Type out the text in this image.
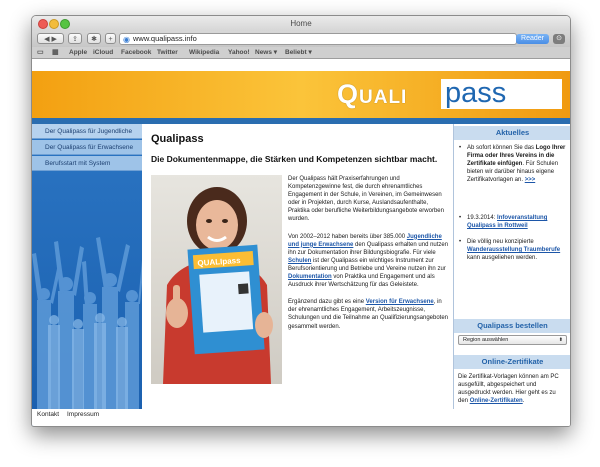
Home
◀ ▶	⇪	✱	+	◉ www.qualipass.info	Reader	⊙
▭ ▦ Apple iCloud Facebook Twitter Wikipedia Yahoo! News ▾ Beliebt ▾
Quali pass
Der Qualipass für Jugendliche
Der Qualipass für Erwachsene
Berufsstart mit System
Qualipass
Die Dokumentenmappe, die Stärken und Kompetenzen sichtbar macht.
QUALIpass

Der Qualipass hält Praxiserfahrungen und Kompetenzgewinne fest, die durch ehrenamtliches Engagement in der Schule, in Vereinen, im Gemeinwesen oder in Projekten, durch Kurse, Auslandsaufenthalte, Praktika oder berufliche Weiterbildungsangebote erworben wurden.

Von 2002–2012 haben bereits über 385.000 Jugendliche und junge Erwachsene den Qualipass erhalten und nutzen ihn zur Dokumentation ihrer Bildungsbiografie. Für viele Schulen ist der Qualipass ein wichtiges Instrument zur Berufsorientierung und Betriebe und Vereine nutzen ihn zur Dokumentation von Praktika und Engagement und als Ausdruck ihrer Wertschätzung für das Geleistete.

Ergänzend dazu gibt es eine Version für Erwachsene, in der ehrenamtliches Engagement, Arbeitszeugnisse, Schulungen und die Teilnahme an Qualifizierungsangeboten gesammelt werden.

Aktuelles
• Ab sofort können Sie das Logo Ihrer Firma oder Ihres Vereins in die Zertifikate einfügen. Für Schulen bieten wir darüber hinaus eigene Zertifikatvorlagen an. >>>
• 19.3.2014: Infoveranstaltung Qualipass in Rottweil
• Die völlig neu konzipierte Wanderausstellung Traumberufe kann ausgeliehen werden.
Qualipass bestellen
Region auswählen	⬍
Online-Zertifikate
Die Zertifikat-Vorlagen können am PC ausgefüllt, abgespeichert und ausgedruckt werden. Hier geht es zu den Online-Zertifikaten.
Kontakt Impressum
